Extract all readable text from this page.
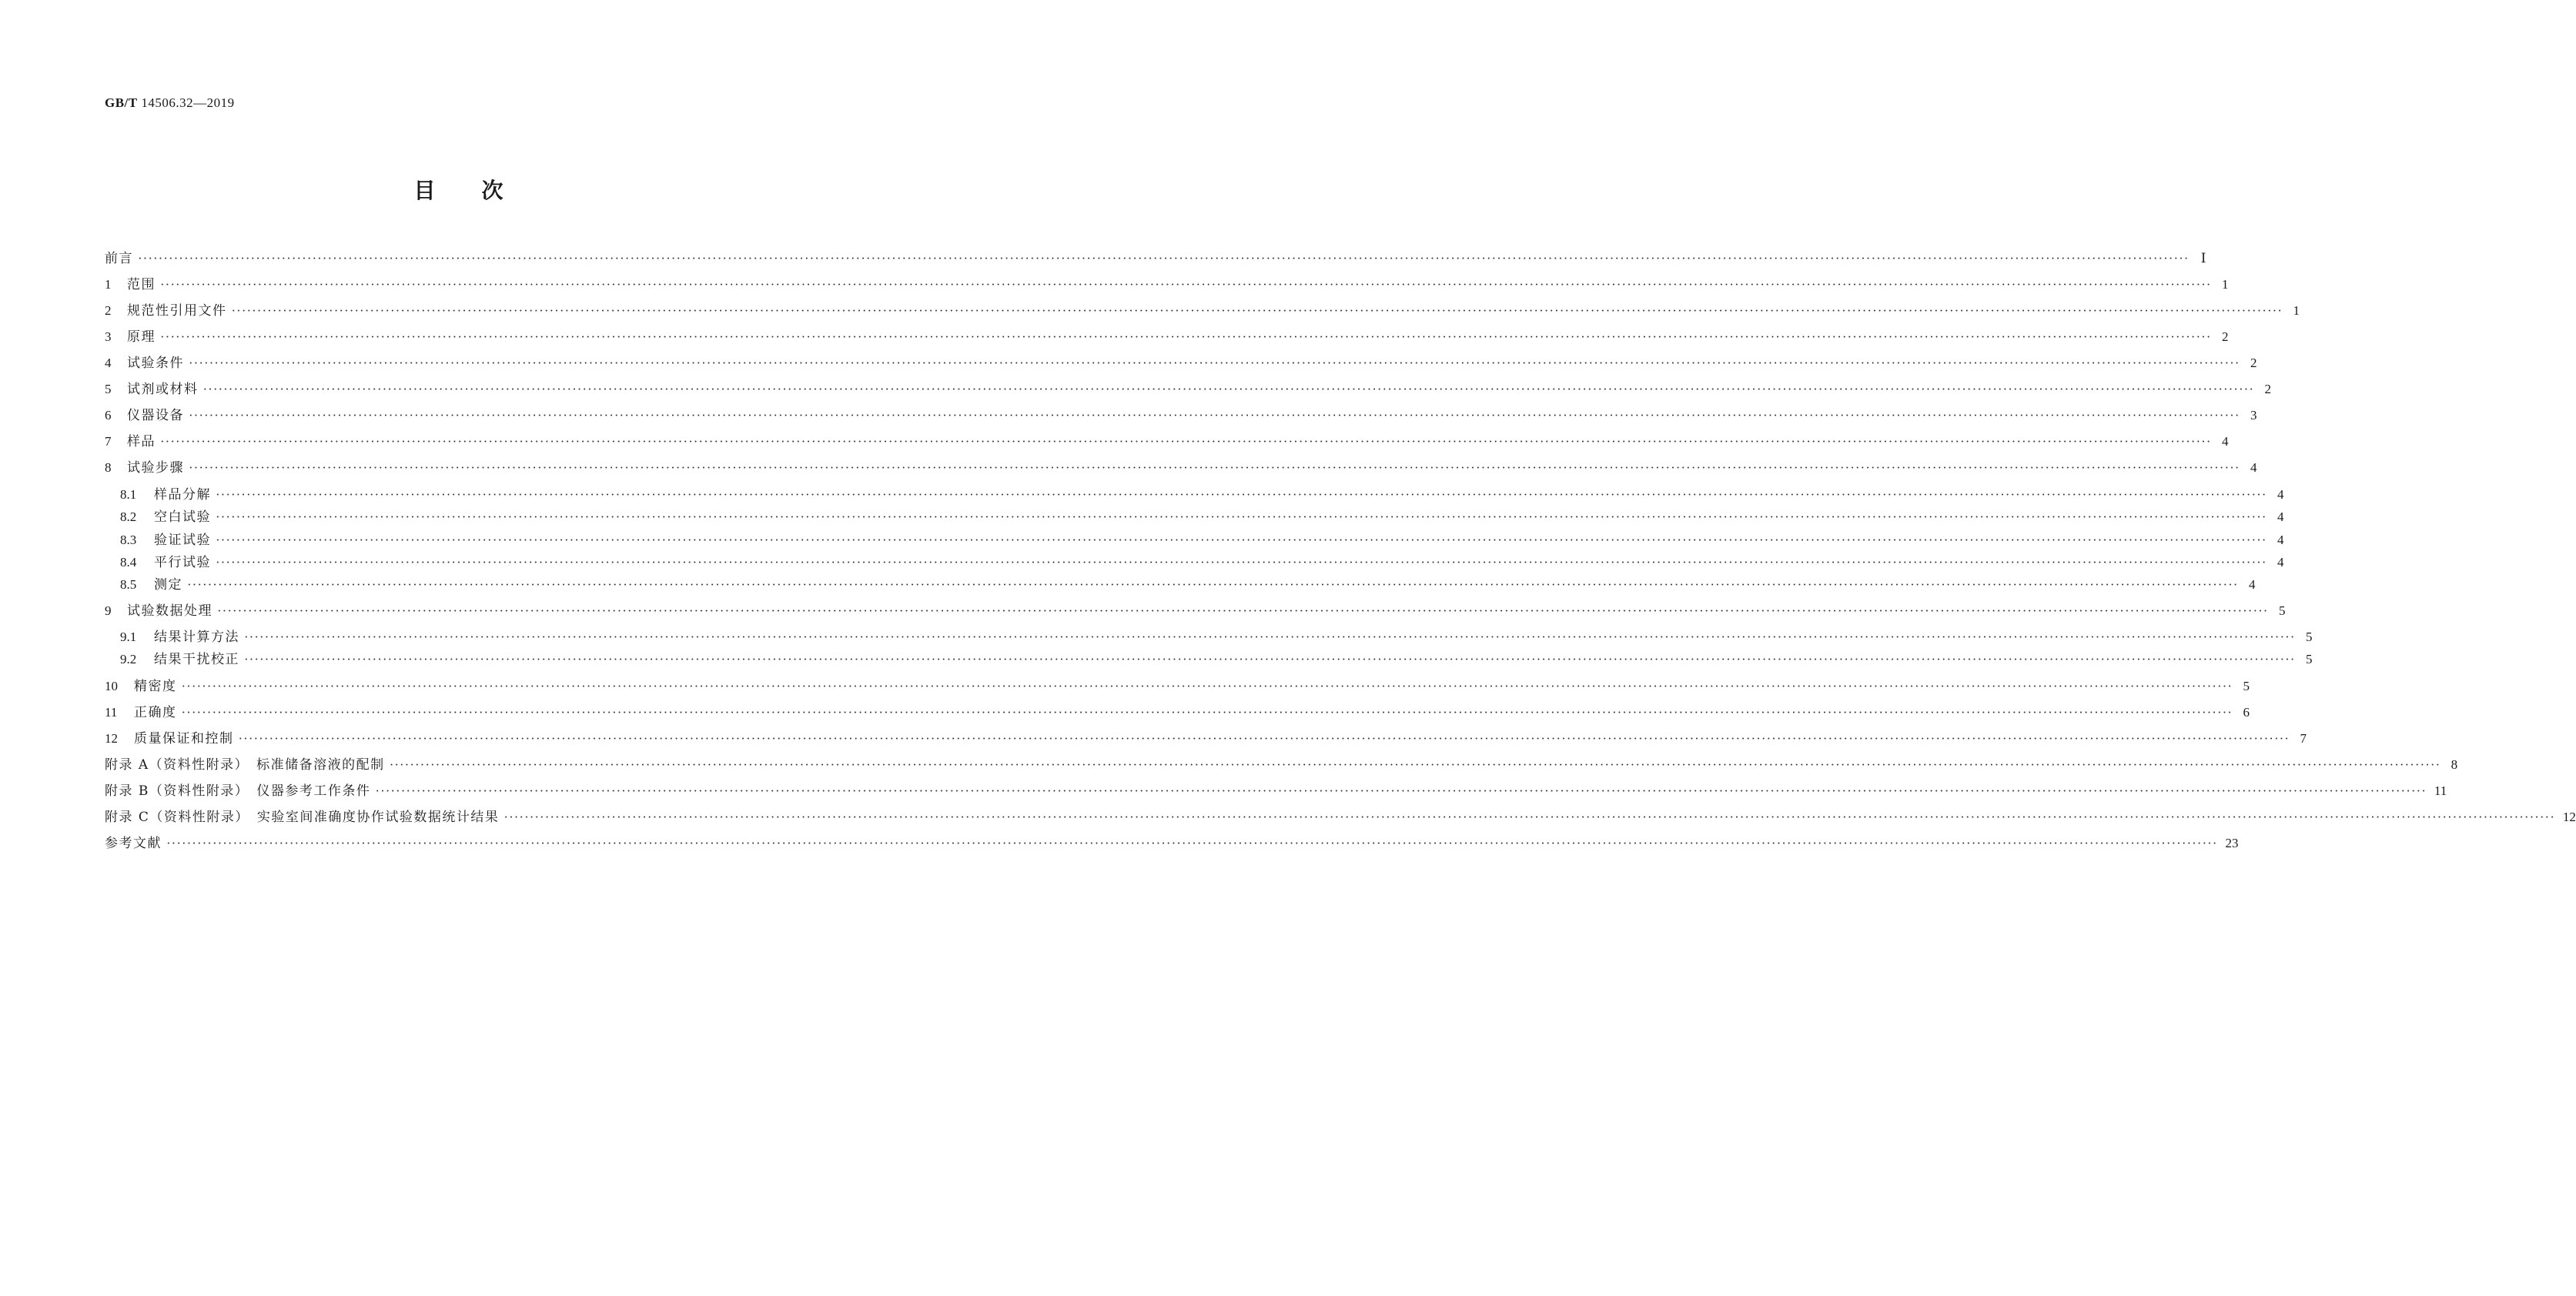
GB/T 14506.32—2019
目次
前言 ················································································································································································································································································································································································································ Ⅰ
1 范围 ················································································································································································································································································································································································································ 1
2 规范性引用文件 ················································································································································································································································································································································································································ 1
3 原理 ················································································································································································································································································································································································································ 2
4 试验条件 ················································································································································································································································································································································································································ 2
5 试剂或材料 ················································································································································································································································································································································································································ 2
6 仪器设备 ················································································································································································································································································································································································································ 3
7 样品 ················································································································································································································································································································································································································ 4
8 试验步骤 ················································································································································································································································································································································································································ 4
8.1 样品分解 ················································································································································································································································································································································································································ 4
8.2 空白试验 ················································································································································································································································································································································································································ 4
8.3 验证试验 ················································································································································································································································································································································································································ 4
8.4 平行试验 ················································································································································································································································································································································································································ 4
8.5 测定 ················································································································································································································································································································································································································ 4
9 试验数据处理 ················································································································································································································································································································································································································ 5
9.1 结果计算方法 ················································································································································································································································································································································································································ 5
9.2 结果干扰校正 ················································································································································································································································································································································································································ 5
10 精密度 ················································································································································································································································································································································································································ 5
11 正确度 ················································································································································································································································································································································································································ 6
12 质量保证和控制 ················································································································································································································································································································································································································ 7
附录 A（资料性附录）　标准储备溶液的配制 ················································································································································································································································································································································································································ 8
附录 B（资料性附录）　仪器参考工作条件 ················································································································································································································································································································································································································ 11
附录 C（资料性附录）　实验室间准确度协作试验数据统计结果 ················································································································································································································································································································································································································ 12
参考文献 ················································································································································································································································································································································································································ 23
